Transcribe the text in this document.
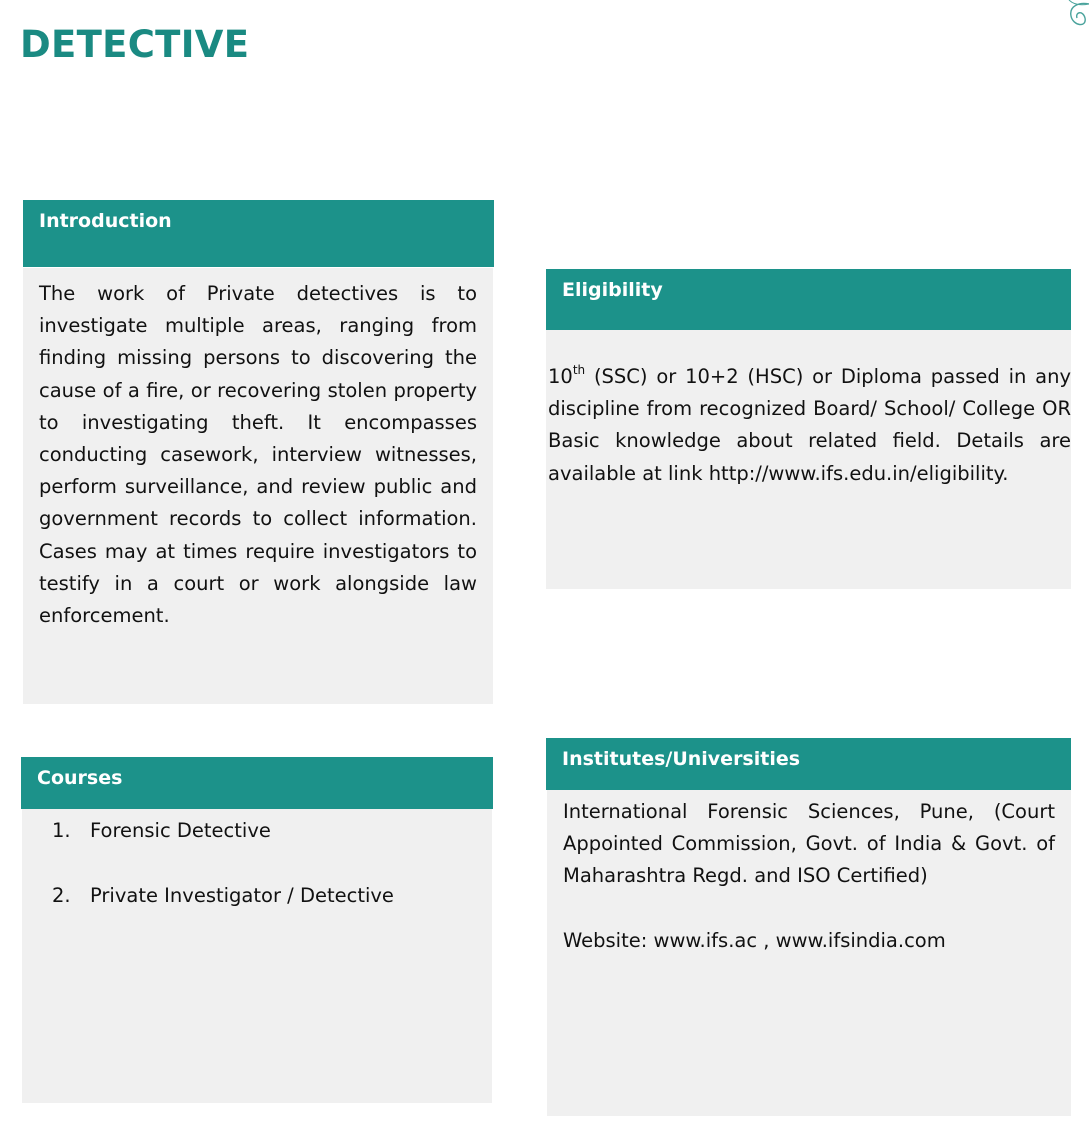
DETECTIVE
Introduction

The work of Private detectives is to investigate multiple areas, ranging from finding missing persons to discovering the cause of a fire, or recovering stolen property to investigating theft. It encompasses conducting casework, interview witnesses, perform surveillance, and review public and government records to collect information. Cases may at times require investigators to testify in a court or work alongside law enforcement.

Eligibility

10th (SSC) or 10+2 (HSC) or Diploma passed in any discipline from recognized Board/ School/ College OR Basic knowledge about related field. Details are available at link http://www.ifs.edu.in/eligibility.

Courses
1. Forensic Detective
2. Private Investigator / Detective
Institutes/Universities

International Forensic Sciences, Pune, (Court Appointed Commission, Govt. of India & Govt. of Maharashtra Regd. and ISO Certified)

Website: www.ifs.ac , www.ifsindia.com
